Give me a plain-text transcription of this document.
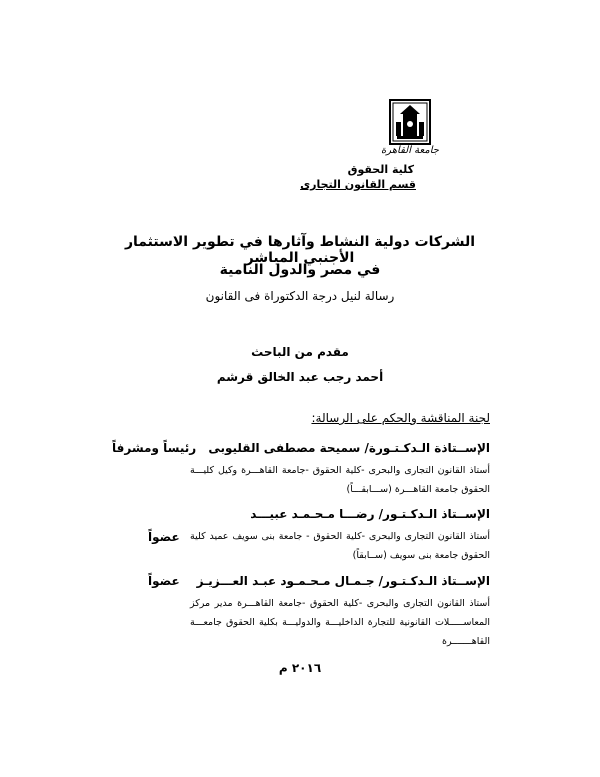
جامعة القاهرة
كلية الحقوق
قسم القانون التجارى
الشركات دولية النشاط وآثارها في تطوير الاستثمار الأجنبي المباشر
في مصر والدول النامية
رسالة لنيل درجة الدكتوراة فى القانون
مقدم من الباحث
أحمد رجب عبد الخالق قرشم
لجنة المناقشة والحكم على الرسالة:
الإســتاذة الـدكـتـورة/ سميحة مصطفى القليوبى
رئيساً ومشرفاً
أستاذ القانون التجارى والبحرى -كلية الحقوق -جامعة القاهـــرة وكيل كليـــة الحقوق جامعة القاهـــرة (ســـابقـــاً)
الإســتاذ الـدكـتـور/ رضـــا مـحـمـد عبيـــد
عضواً أستاذ القانون التجارى والبحرى -كلية الحقوق - جامعة بنى سويف عميد كلية الحقوق جامعة بنى سويف (ســابقاً)
الإســتاذ الـدكـتـور/ جـمـال مـحـمـود عبـد العـــزيـز
عضواً
أستاذ القانون التجارى والبحرى -كلية الحقوق -جامعة القاهـــرة مدير مركز المعاســـــلات القانونية للتجارة الداخليـــة والدوليـــة بكلية الحقوق جامعـــة القاهـــــــرة
٢٠١٦ م
